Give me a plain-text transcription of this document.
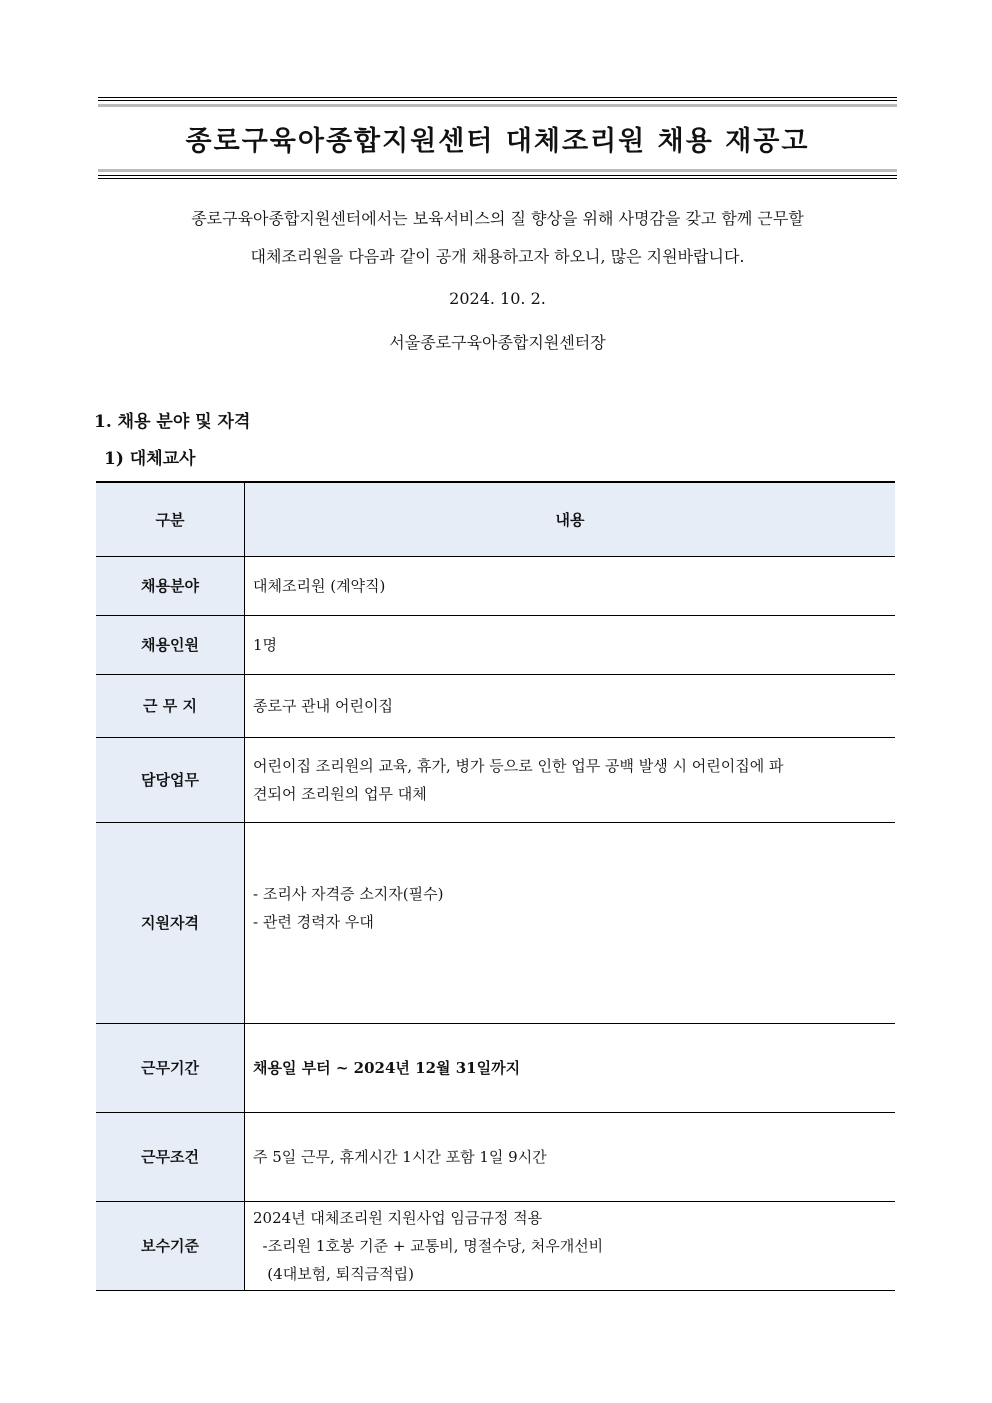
종로구육아종합지원센터 대체조리원 채용 재공고
종로구육아종합지원센터에서는 보육서비스의 질 향상을 위해 사명감을 갖고 함께 근무할
대체조리원을 다음과 같이 공개 채용하고자 하오니, 많은 지원바랍니다.
2024. 10. 2.
서울종로구육아종합지원센터장
1. 채용 분야 및 자격
1) 대체교사
구분	내용
채용분야	대체조리원 (계약직)

채용인원	1명

근 무 지	종로구 관내 어린이집

담당업무	어린이집 조리원의 교육, 휴가, 병가 등으로 인한 업무 공백 발생 시 어린이집에 파
견되어 조리원의 업무 대체

지원자격	- 조리사 자격증 소지자(필수)
- 관련 경력자 우대

근무기간	채용일 부터 ~ 2024년 12월 31일까지

근무조건	주 5일 근무, 휴게시간 1시간 포함 1일 9시간

보수기준	2024년 대체조리원 지원사업 임금규정 적용
-조리원 1호봉 기준 + 교통비, 명절수당, 처우개선비
(4대보험, 퇴직금적립)
